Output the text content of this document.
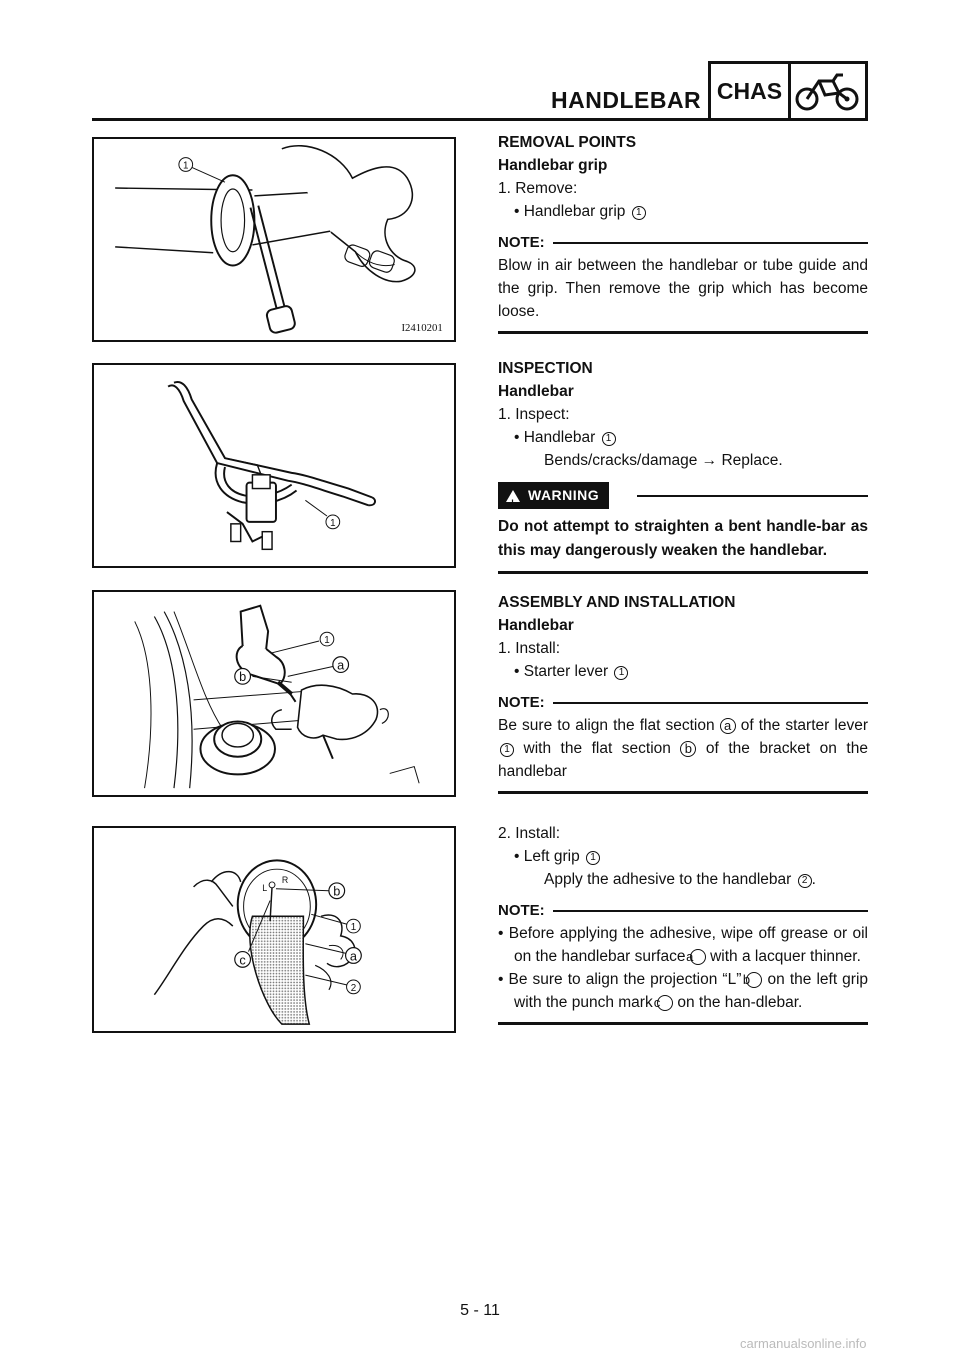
HANDLEBAR CHAS
1
I2410201
1
1
a
b
R
L	b
1
c	a
2
REMOVAL POINTS
Handlebar grip
1. Remove:
• Handlebar grip 1
NOTE:
Blow in air between the handlebar or tube guide and the grip. Then remove the grip which has become loose.
INSPECTION
Handlebar
1. Inspect:
• Handlebar 1
Bends/cracks/damage → Replace.
! WARNING
Do not attempt to straighten a bent handle-bar as this may dangerously weaken the handlebar.
ASSEMBLY AND INSTALLATION
Handlebar
1. Install:
• Starter lever 1
NOTE:
Be sure to align the flat section a of the starter lever 1 with the flat section b of the bracket on the handlebar
2. Install:
• Left grip 1
Apply the adhesive to the handlebar 2 .
NOTE:
• Before applying the adhesive, wipe off grease or oil on the handlebar surface a with a lacquer thinner.
• Be sure to align the projection “L” b on the left grip with the punch mark c on the han-dlebar.
5 - 11
carmanualsonline.info
